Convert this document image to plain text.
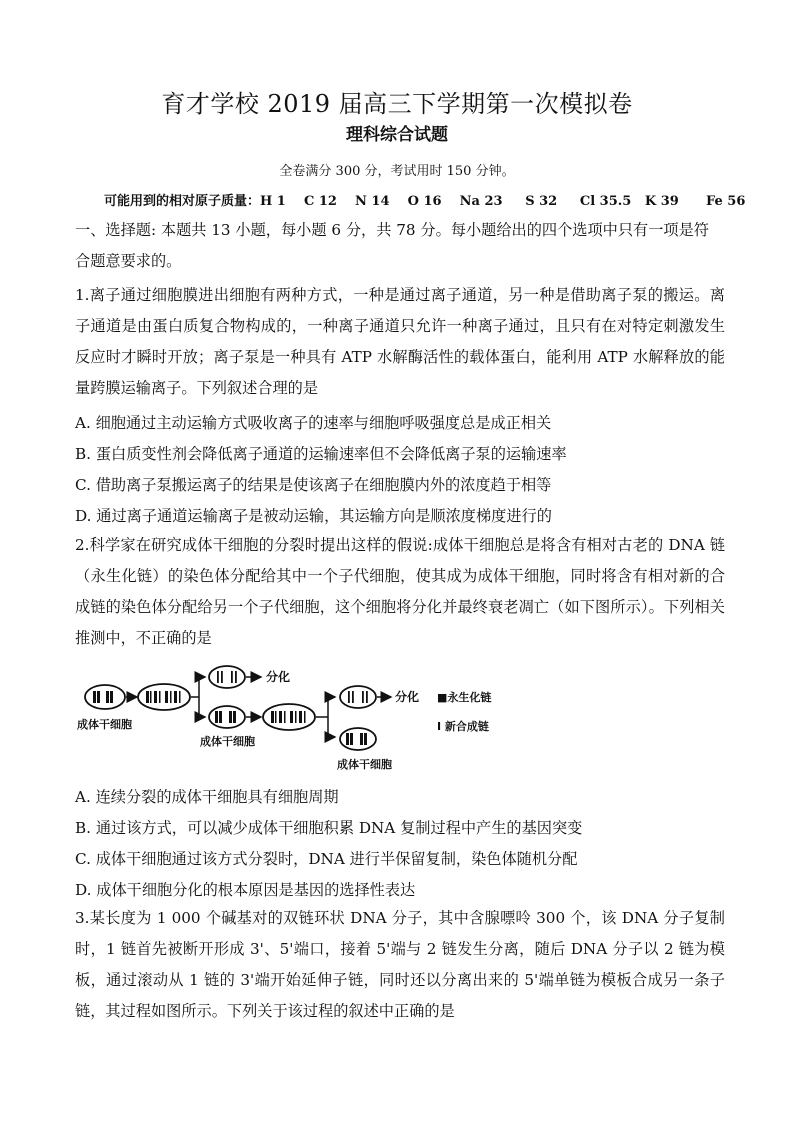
育才学校 2019 届高三下学期第一次模拟卷
理科综合试题
全卷满分 300 分，考试用时 150 分钟。
可能用到的相对原子质量：H 1    C 12    N 14    O 16    Na 23     S 32     Cl 35.5   K 39      Fe 56
一、选择题: 本题共 13 小题，每小题 6 分，共 78 分。每小题给出的四个选项中只有一项是符
合题意要求的。
1.离子通过细胞膜进出细胞有两种方式，一种是通过离子通道，另一种是借助离子泵的搬运。离子通道是由蛋白质复合物构成的，一种离子通道只允许一种离子通过，且只有在对特定刺激发生反应时才瞬时开放；离子泵是一种具有 ATP 水解酶活性的载体蛋白，能利用 ATP 水解释放的能量跨膜运输离子。下列叙述合理的是
A. 细胞通过主动运输方式吸收离子的速率与细胞呼吸强度总是成正相关
B. 蛋白质变性剂会降低离子通道的运输速率但不会降低离子泵的运输速率
C. 借助离子泵搬运离子的结果是使该离子在细胞膜内外的浓度趋于相等
D. 通过离子通道运输离子是被动运输，其运输方向是顺浓度梯度进行的
2.科学家在研究成体干细胞的分裂时提出这样的假说:成体干细胞总是将含有相对古老的 DNA 链（永生化链）的染色体分配给其中一个子代细胞，使其成为成体干细胞，同时将含有相对新的合成链的染色体分配给另一个子代细胞，这个细胞将分化并最终衰老凋亡（如下图所示）。下列相关推测中，不正确的是
成体干细胞
分化
成体干细胞
分化
成体干细胞
■永生化链
Ⅰ 新合成链
A. 连续分裂的成体干细胞具有细胞周期
B. 通过该方式，可以减少成体干细胞积累 DNA 复制过程中产生的基因突变
C. 成体干细胞通过该方式分裂时，DNA 进行半保留复制，染色体随机分配
D. 成体干细胞分化的根本原因是基因的选择性表达
3.某长度为 1 000 个碱基对的双链环状 DNA 分子，其中含腺嘌呤 300 个，该 DNA 分子复制时，1 链首先被断开形成 3'、5'端口，接着 5'端与 2 链发生分离，随后 DNA 分子以 2 链为模板，通过滚动从 1 链的 3'端开始延伸子链，同时还以分离出来的 5'端单链为模板合成另一条子链，其过程如图所示。下列关于该过程的叙述中正确的是
